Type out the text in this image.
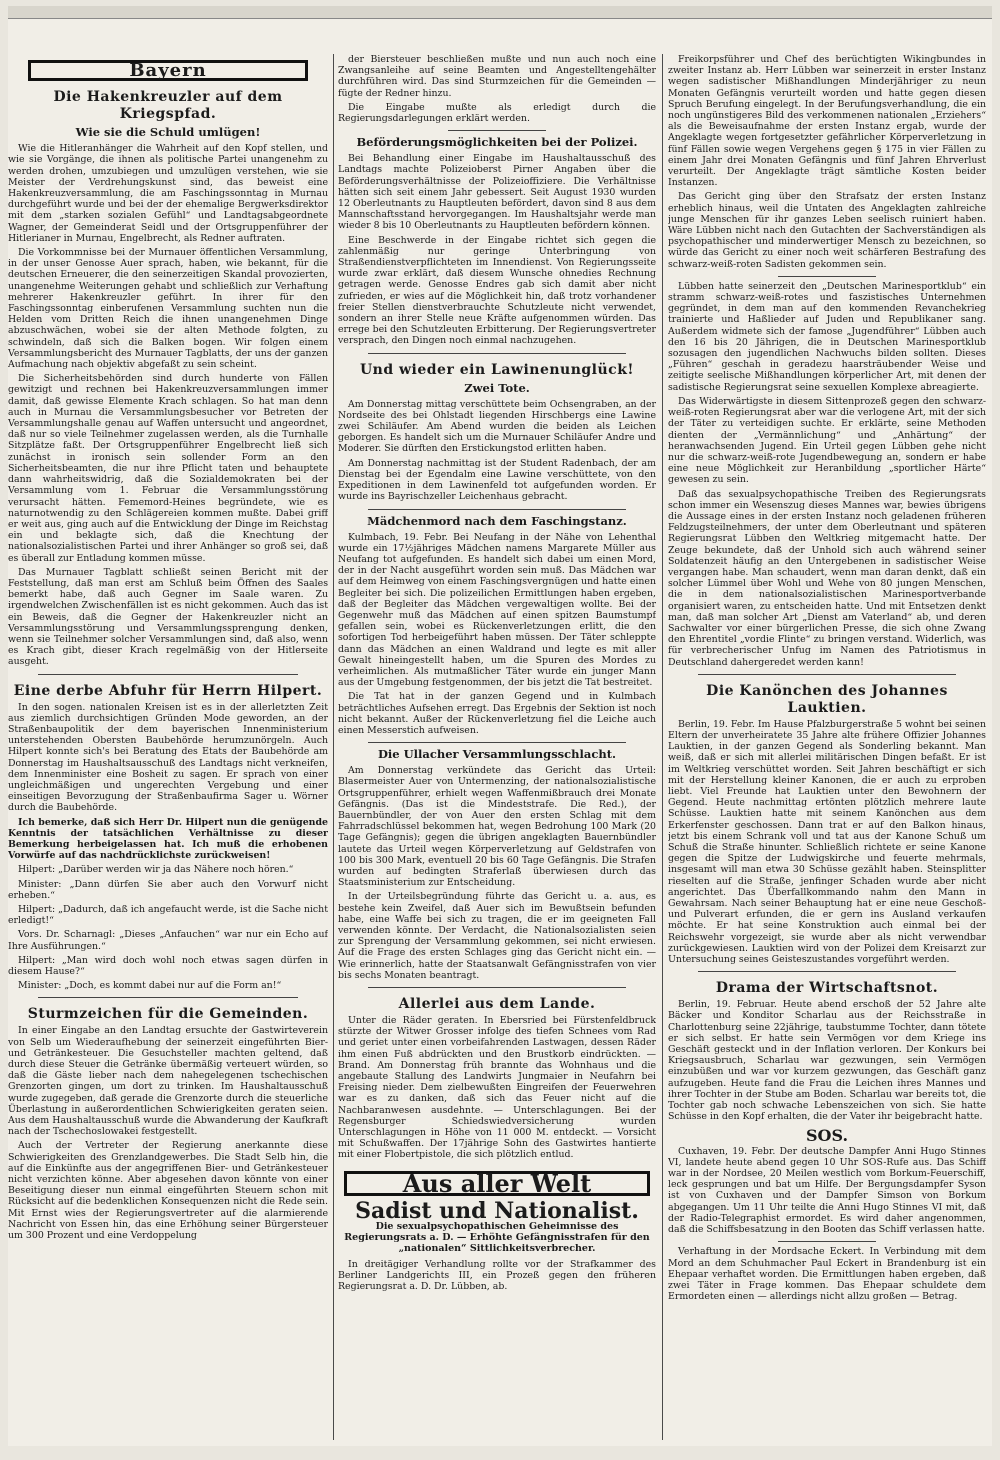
Bayern
Die Hakenkreuzler auf dem Kriegspfad.
Wie sie die Schuld umlügen!

Wie die Hitleranhänger die Wahrheit auf den Kopf stellen, und wie sie Vorgänge, die ihnen als politische Partei unangenehm zu werden drohen, umzubiegen und umzulügen verstehen, wie sie Meister der Verdrehungskunst sind, das beweist eine Hakenkreuzversammlung, die am Faschingssonntag in Murnau durchgeführt wurde und bei der der ehemalige Bergwerksdirektor mit dem „starken sozialen Gefühl“ und Landtagsabgeordnete Wagner, der Gemeinderat Seidl und der Ortsgruppenführer der Hitlerianer in Murnau, Engelbrecht, als Redner auftraten.

Die Vorkommnisse bei der Murnauer öffentlichen Versammlung, in der unser Genosse Auer sprach, haben, wie bekannt, für die deutschen Erneuerer, die den seinerzeitigen Skandal provozierten, unangenehme Weiterungen gehabt und schließlich zur Verhaftung mehrerer Hakenkreuzler geführt. In ihrer für den Faschingssonntag einberufenen Versammlung suchten nun die Helden vom Dritten Reich die ihnen unangenehmen Dinge abzuschwächen, wobei sie der alten Methode folgten, zu schwindeln, daß sich die Balken bogen. Wir folgen einem Versammlungsbericht des Murnauer Tagblatts, der uns der ganzen Aufmachung nach objektiv abgefaßt zu sein scheint.

Die Sicherheitsbehörden sind durch hunderte von Fällen gewitzigt und rechnen bei Hakenkreuzversammlungen immer damit, daß gewisse Elemente Krach schlagen. So hat man denn auch in Murnau die Versammlungsbesucher vor Betreten der Versammlungshalle genau auf Waffen untersucht und angeordnet, daß nur so viele Teilnehmer zugelassen werden, als die Turnhalle Sitzplätze faßt. Der Ortsgruppenführer Engelbrecht ließ sich zunächst in ironisch sein sollender Form an den Sicherheitsbeamten, die nur ihre Pflicht taten und behauptete dann wahrheitswidrig, daß die Sozialdemokraten bei der Versammlung vom 1. Februar die Versammlungsstörung verursacht hätten. Fememord-Heines begründete, wie es naturnotwendig zu den Schlägereien kommen mußte. Dabei griff er weit aus, ging auch auf die Entwicklung der Dinge im Reichstag ein und beklagte sich, daß die Knechtung der nationalsozialistischen Partei und ihrer Anhänger so groß sei, daß es überall zur Entladung kommen müsse.

Das Murnauer Tagblatt schließt seinen Bericht mit der Feststellung, daß man erst am Schluß beim Öffnen des Saales bemerkt habe, daß auch Gegner im Saale waren. Zu irgendwelchen Zwischenfällen ist es nicht gekommen. Auch das ist ein Beweis, daß die Gegner der Hakenkreuzler nicht an Versammlungsstörung und Versammlungssprengung denken, wenn sie Teilnehmer solcher Versammlungen sind, daß also, wenn es Krach gibt, dieser Krach regelmäßig von der Hitlerseite ausgeht.

Eine derbe Abfuhr für Herrn Hilpert.

In den sogen. nationalen Kreisen ist es in der allerletzten Zeit aus ziemlich durchsichtigen Gründen Mode geworden, an der Straßenbaupolitik der dem bayerischen Innenministerium unterstehenden Obersten Baubehörde herumzunörgeln. Auch Hilpert konnte sich's bei Beratung des Etats der Baubehörde am Donnerstag im Haushaltsausschuß des Landtags nicht verkneifen, dem Innenminister eine Bosheit zu sagen. Er sprach von einer ungleichmäßigen und ungerechten Vergebung und einer einseitigen Bevorzugung der Straßenbaufirma Sager u. Wörner durch die Baubehörde.

Ich bemerke, daß sich Herr Dr. Hilpert nun die genügende Kenntnis der tatsächlichen Verhältnisse zu dieser Bemerkung herbeigelassen hat. Ich muß die erhobenen Vorwürfe auf das nachdrücklichste zurückweisen!

Hilpert: „Darüber werden wir ja das Nähere noch hören.“

Minister: „Dann dürfen Sie aber auch den Vorwurf nicht erheben.“

Hilpert: „Dadurch, daß ich angefaucht werde, ist die Sache nicht erledigt!“

Vors. Dr. Scharnagl: „Dieses „Anfauchen“ war nur ein Echo auf Ihre Ausführungen.“

Hilpert: „Man wird doch wohl noch etwas sagen dürfen in diesem Hause?“

Minister: „Doch, es kommt dabei nur auf die Form an!“

Sturmzeichen für die Gemeinden.

In einer Eingabe an den Landtag ersuchte der Gastwirteverein von Selb um Wiederaufhebung der seinerzeit eingeführten Bier- und Getränkesteuer. Die Gesuchsteller machten geltend, daß durch diese Steuer die Getränke übermäßig verteuert würden, so daß die Gäste lieber nach dem nahegelegenen tschechischen Grenzorten gingen, um dort zu trinken. Im Haushaltausschuß wurde zugegeben, daß gerade die Grenzorte durch die steuerliche Überlastung in außerordentlichen Schwierigkeiten geraten seien. Aus dem Haushaltausschuß wurde die Abwanderung der Kaufkraft nach der Tschechoslowakei festgestellt.

Auch der Vertreter der Regierung anerkannte diese Schwierigkeiten des Grenzlandgewerbes. Die Stadt Selb hin, die auf die Einkünfte aus der angegriffenen Bier- und Getränkesteuer nicht verzichten könne. Aber abgesehen davon könnte von einer Beseitigung dieser nun einmal eingeführten Steuern schon mit Rücksicht auf die bedenklichen Konsequenzen nicht die Rede sein. Mit Ernst wies der Regierungsvertreter auf die alarmierende Nachricht von Essen hin, das eine Erhöhung seiner Bürgersteuer um 300 Prozent und eine Verdoppelung

der Biersteuer beschließen mußte und nun auch noch eine Zwangsanleihe auf seine Beamten und Angestelltengehälter durchführen wird. Das sind Sturmzeichen für die Gemeinden — fügte der Redner hinzu.

Die Eingabe mußte als erledigt durch die Regierungsdarlegungen erklärt werden.

Beförderungsmöglichkeiten bei der Polizei.

Bei Behandlung einer Eingabe im Haushaltausschuß des Landtags machte Polizeioberst Pirner Angaben über die Beförderungsverhältnisse der Polizeioffiziere. Die Verhältnisse hätten sich seit einem Jahr gebessert. Seit August 1930 wurden 12 Oberleutnants zu Hauptleuten befördert, davon sind 8 aus dem Mannschaftsstand hervorgegangen. Im Haushaltsjahr werde man wieder 8 bis 10 Oberleutnants zu Hauptleuten befördern können.

Eine Beschwerde in der Eingabe richtet sich gegen die zahlenmäßig nur geringe Unterbringung von Straßendienstverpflichteten im Innendienst. Von Regierungsseite wurde zwar erklärt, daß diesem Wunsche ohnedies Rechnung getragen werde. Genosse Endres gab sich damit aber nicht zufrieden, er wies auf die Möglichkeit hin, daß trotz vorhandener freier Stellen dienstverbrauchte Schutzleute nicht verwendet, sondern an ihrer Stelle neue Kräfte aufgenommen würden. Das errege bei den Schutzleuten Erbitterung. Der Regierungsvertreter versprach, den Dingen noch einmal nachzugehen.

Und wieder ein Lawinenunglück!
Zwei Tote.

Am Donnerstag mittag verschüttete beim Ochsengraben, an der Nordseite des bei Ohlstadt liegenden Hirschbergs eine Lawine zwei Schiläufer. Am Abend wurden die beiden als Leichen geborgen. Es handelt sich um die Murnauer Schiläufer Andre und Moderer. Sie dürften den Erstickungstod erlitten haben.

Am Donnerstag nachmittag ist der Student Radenbach, der am Dienstag bei der Egendalm eine Lawine verschüttete, von den Expeditionen in dem Lawinenfeld tot aufgefunden worden. Er wurde ins Bayrischzeller Leichenhaus gebracht.

Mädchenmord nach dem Faschingstanz.

Kulmbach, 19. Febr. Bei Neufang in der Nähe von Lehenthal wurde ein 17½jähriges Mädchen namens Margarete Müller aus Neufang tot aufgefunden. Es handelt sich dabei um einen Mord, der in der Nacht ausgeführt worden sein muß. Das Mädchen war auf dem Heimweg von einem Faschingsvergnügen und hatte einen Begleiter bei sich. Die polizeilichen Ermittlungen haben ergeben, daß der Begleiter das Mädchen vergewaltigen wollte. Bei der Gegenwehr muß das Mädchen auf einen spitzen Baumstumpf gefallen sein, wobei es Rückenverletzungen erlitt, die den sofortigen Tod herbeigeführt haben müssen. Der Täter schleppte dann das Mädchen an einen Waldrand und legte es mit aller Gewalt hineingestellt haben, um die Spuren des Mordes zu verheimlichen. Als mutmaßlicher Täter wurde ein junger Mann aus der Umgebung festgenommen, der bis jetzt die Tat bestreitet.

Die Tat hat in der ganzen Gegend und in Kulmbach beträchtliches Aufsehen erregt. Das Ergebnis der Sektion ist noch nicht bekannt. Außer der Rückenverletzung fiel die Leiche auch einen Messerstich aufweisen.

Die Ullacher Versammlungsschlacht.

Am Donnerstag verkündete das Gericht das Urteil: Blasermeister Auer von Untermenzing, der nationalsozialistische Ortsgruppenführer, erhielt wegen Waffenmißbrauch drei Monate Gefängnis. (Das ist die Mindeststrafe. Die Red.), der Bauernbündler, der von Auer den ersten Schlag mit dem Fahrradschlüssel bekommen hat, wegen Bedrohung 100 Mark (20 Tage Gefängnis); gegen die übrigen angeklagten Bauernbündler lautete das Urteil wegen Körperverletzung auf Geldstrafen von 100 bis 300 Mark, eventuell 20 bis 60 Tage Gefängnis. Die Strafen wurden auf bedingten Straferlaß überwiesen durch das Staatsministerium zur Entscheidung.

In der Urteilsbegründung führte das Gericht u. a. aus, es bestehe kein Zweifel, daß Auer sich im Bewußtsein befunden habe, eine Waffe bei sich zu tragen, die er im geeigneten Fall verwenden könnte. Der Verdacht, die Nationalsozialisten seien zur Sprengung der Versammlung gekommen, sei nicht erwiesen. Auf die Frage des ersten Schlages ging das Gericht nicht ein. — Wie erinnerlich, hatte der Staatsanwalt Gefängnisstrafen von vier bis sechs Monaten beantragt.

Allerlei aus dem Lande.

Unter die Räder geraten. In Ebersried bei Fürstenfeldbruck stürzte der Witwer Grosser infolge des tiefen Schnees vom Rad und geriet unter einen vorbeifahrenden Lastwagen, dessen Räder ihm einen Fuß abdrückten und den Brustkorb eindrückten. — Brand. Am Donnerstag früh brannte das Wohnhaus und die angebaute Stallung des Landwirts Jungmaier in Neufahrn bei Freising nieder. Dem zielbewußten Eingreifen der Feuerwehren war es zu danken, daß sich das Feuer nicht auf die Nachbaranwesen ausdehnte. — Unterschlagungen. Bei der Regensburger Schiedswiedversicherung wurden Unterschlagungen in Höhe von 11 000 M. entdeckt. — Vorsicht mit Schußwaffen. Der 17jährige Sohn des Gastwirtes hantierte mit einer Flobertpistole, die sich plötzlich entlud.

Aus aller Welt
Sadist und Nationalist.
Die sexualpsychopathischen Geheimnisse des Regierungsrats a. D. — Erhöhte Gefängnisstrafen für den „nationalen“ Sittlichkeitsverbrecher.

In dreitägiger Verhandlung rollte vor der Strafkammer des Berliner Landgerichts III, ein Prozeß gegen den früheren Regierungsrat a. D. Dr. Lübben, ab.

Freikorpsführer und Chef des berüchtigten Wikingbundes in zweiter Instanz ab. Herr Lübben war seinerzeit in erster Instanz wegen sadistischer Mißhandlungen Minderjähriger zu neun Monaten Gefängnis verurteilt worden und hatte gegen diesen Spruch Berufung eingelegt. In der Berufungsverhandlung, die ein noch ungünstigeres Bild des verkommenen nationalen „Erziehers“ als die Beweisaufnahme der ersten Instanz ergab, wurde der Angeklagte wegen fortgesetzter gefährlicher Körperverletzung in fünf Fällen sowie wegen Vergehens gegen § 175 in vier Fällen zu einem Jahr drei Monaten Gefängnis und fünf Jahren Ehrverlust verurteilt. Der Angeklagte trägt sämtliche Kosten beider Instanzen.

Das Gericht ging über den Strafsatz der ersten Instanz erheblich hinaus, weil die Untaten des Angeklagten zahlreiche junge Menschen für ihr ganzes Leben seelisch ruiniert haben. Wäre Lübben nicht nach den Gutachten der Sachverständigen als psychopathischer und minderwertiger Mensch zu bezeichnen, so würde das Gericht zu einer noch weit schärferen Bestrafung des schwarz-weiß-roten Sadisten gekommen sein.

Lübben hatte seinerzeit den „Deutschen Marinesportklub“ ein stramm schwarz-weiß-rotes und faszistisches Unternehmen gegründet, in dem man auf den kommenden Revanchekrieg trainierte und Haßlieder auf Juden und Republikaner sang. Außerdem widmete sich der famose „Jugendführer“ Lübben auch den 16 bis 20 Jährigen, die in Deutschen Marinesportklub sozusagen den jugendlichen Nachwuchs bilden sollten. Dieses „Führen“ geschah in geradezu haarsträubender Weise und zeitigte seelische Mißhandlungen körperlicher Art, mit denen der sadistische Regierungsrat seine sexuellen Komplexe abreagierte.

Das Widerwärtigste in diesem Sittenprozeß gegen den schwarz-weiß-roten Regierungsrat aber war die verlogene Art, mit der sich der Täter zu verteidigen suchte. Er erklärte, seine Methoden dienten der „Vermännlichung“ und „Anhärtung“ der heranwachsenden Jugend. Ein Urteil gegen Lübben gehe nicht nur die schwarz-weiß-rote Jugendbewegung an, sondern er habe eine neue Möglichkeit zur Heranbildung „sportlicher Härte“ gewesen zu sein.

Daß das sexualpsychopathische Treiben des Regierungsrats schon immer ein Wesenszug dieses Mannes war, bewies übrigens die Aussage eines in der ersten Instanz noch geladenen früheren Feldzugsteilnehmers, der unter dem Oberleutnant und späteren Regierungsrat Lübben den Weltkrieg mitgemacht hatte. Der Zeuge bekundete, daß der Unhold sich auch während seiner Soldatenzeit häufig an den Untergebenen in sadistischer Weise vergangen habe. Man schaudert, wenn man daran denkt, daß ein solcher Lümmel über Wohl und Wehe von 80 jungen Menschen, die in dem nationalsozialistischen Marinesportverbande organisiert waren, zu entscheiden hatte. Und mit Entsetzen denkt man, daß man solcher Art „Dienst am Vaterland“ ab, und deren Sachwalter vor einer bürgerlichen Presse, die sich ohne Zwang den Ehrentitel „vordie Flinte“ zu bringen verstand. Widerlich, was für verbrecherischer Unfug im Namen des Patriotismus in Deutschland dahergeredet werden kann!

Die Kanönchen des Johannes Lauktien.

Berlin, 19. Febr. Im Hause Pfalzburgerstraße 5 wohnt bei seinen Eltern der unverheiratete 35 Jahre alte frühere Offizier Johannes Lauktien, in der ganzen Gegend als Sonderling bekannt. Man weiß, daß er sich mit allerlei militärischen Dingen befaßt. Er ist im Weltkrieg verschüttet worden. Seit Jahren beschäftigt er sich mit der Herstellung kleiner Kanonen, die er auch zu erproben liebt. Viel Freunde hat Lauktien unter den Bewohnern der Gegend. Heute nachmittag ertönten plötzlich mehrere laute Schüsse. Lauktien hatte mit seinem Kanönchen aus dem Erkerfenster geschossen. Dann trat er auf den Balkon hinaus, jetzt bis einem Schrank voll und tat aus der Kanone Schuß um Schuß die Straße hinunter. Schließlich richtete er seine Kanone gegen die Spitze der Ludwigskirche und feuerte mehrmals, insgesamt will man etwa 30 Schüsse gezählt haben. Steinsplitter rieselten auf die Straße, jenfinger Schaden wurde aber nicht angerichtet. Das Überfallkommando nahm den Mann in Gewahrsam. Nach seiner Behauptung hat er eine neue Geschoß- und Pulverart erfunden, die er gern ins Ausland verkaufen möchte. Er hat seine Konstruktion auch einmal bei der Reichswehr vorgezeigt, sie wurde aber als nicht verwendbar zurückgewiesen. Lauktien wird von der Polizei dem Kreisarzt zur Untersuchung seines Geisteszustandes vorgeführt werden.

Drama der Wirtschaftsnot.

Berlin, 19. Februar. Heute abend erschoß der 52 Jahre alte Bäcker und Konditor Scharlau aus der Reichsstraße in Charlottenburg seine 22jährige, taubstumme Tochter, dann tötete er sich selbst. Er hatte sein Vermögen vor dem Kriege ins Geschäft gesteckt und in der Inflation verloren. Der Konkurs bei Kriegsausbruch, Scharlau war gezwungen, sein Vermögen einzubüßen und war vor kurzem gezwungen, das Geschäft ganz aufzugeben. Heute fand die Frau die Leichen ihres Mannes und ihrer Tochter in der Stube am Boden. Scharlau war bereits tot, die Tochter gab noch schwache Lebenszeichen von sich. Sie hatte Schüsse in den Kopf erhalten, die der Vater ihr beigebracht hatte.

SOS.

Cuxhaven, 19. Febr. Der deutsche Dampfer Anni Hugo Stinnes VI, landete heute abend gegen 10 Uhr SOS-Rufe aus. Das Schiff war in der Nordsee, 20 Meilen westlich vom Borkum-Feuerschiff, leck gesprungen und bat um Hilfe. Der Bergungsdampfer Syson ist von Cuxhaven und der Dampfer Simson von Borkum abgegangen. Um 11 Uhr teilte die Anni Hugo Stinnes VI mit, daß der Radio-Telegraphist ermordet. Es wird daher angenommen, daß die Schiffsbesatzung in den Booten das Schiff verlassen hatte.

Verhaftung in der Mordsache Eckert. In Verbindung mit dem Mord an dem Schuhmacher Paul Eckert in Brandenburg ist ein Ehepaar verhaftet worden. Die Ermittlungen haben ergeben, daß zwei Täter in Frage kommen. Das Ehepaar schuldete dem Ermordeten einen — allerdings nicht allzu großen — Betrag.
